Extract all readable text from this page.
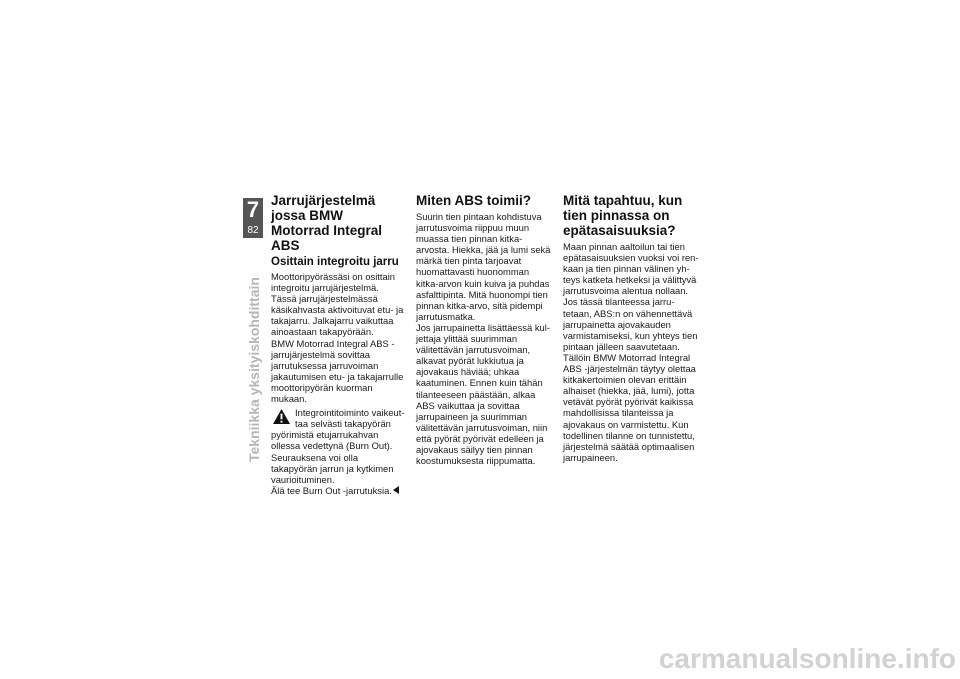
7
82
Tekniikka yksityiskohdittain
Jarrujärjestelmä jossa BMW Motorrad Integral ABS
Osittain integroitu jarru

Moottoripyörässäsi on osittain integroitu jarrujärjestelmä. Tässä jarrujärjestelmässä käsikahvasta aktivoituvat etu- ja takajarru. Jalkajarru vaikuttaa ainoastaan takapyörään.

BMW Motorrad Integral ABS -jarrujärjestelmä sovittaa jarrutuksessa jarruvoiman jakautumisen etu- ja takajarrulle moottoripyörän kuorman mukaan.

Integrointitoiminto vaikeuttaa selvästi takapyörän pyörimistä etujarrukahvan ollessa vedettynä (Burn Out). Seurauksena voi olla takapyörän jarrun ja kytkimen vaurioituminen.

Älä tee Burn Out -jarrutuksia.

Miten ABS toimii?

Suurin tien pintaan kohdistuva jarrutusvoima riippuu muun muassa tien pinnan kitka-arvosta. Hiekka, jää ja lumi sekä märkä tien pinta tarjoavat huomattavasti huonomman kitka-arvon kuin kuiva ja puhdas asfalttipinta. Mitä huonompi tien pinnan kitka-arvo, sitä pidempi jarrutusmatka.

Jos jarrupainetta lisättäessä kuljettaja ylittää suurimman välitettävän jarrutusvoiman, alkavat pyörät lukkiutua ja ajovakaus häviää; uhkaa kaatuminen. Ennen kuin tähän tilanteeseen päästään, alkaa ABS vaikuttaa ja sovittaa jarrupaineen ja suurimman välitettävän jarrutusvoiman, niin että pyörät pyörivät edelleen ja ajovakaus säilyy tien pinnan koostumuksesta riippumatta.

Mitä tapahtuu, kun tien pinnassa on epätasaisuuksia?

Maan pinnan aaltoilun tai tien epätasaisuuksien vuoksi voi renkaan ja tien pinnan välinen yhteys katketa hetkeksi ja välittyvä jarrutusvoima alentua nollaan. Jos tässä tilanteessa jarrutetaan, ABS:n on vähennettävä jarrupainetta ajovakauden varmistamiseksi, kun yhteys tien pintaan jälleen saavutetaan. Tällöin BMW Motorrad Integral ABS -järjestelmän täytyy olettaa kitkakertoimien olevan erittäin alhaiset (hiekka, jää, lumi), jotta vetävät pyörät pyörivät kaikissa mahdollisissa tilanteissa ja ajovakaus on varmistettu. Kun todellinen tilanne on tunnistettu, järjestelmä säätää optimaalisen jarrupaineen.

carmanualsonline.info
